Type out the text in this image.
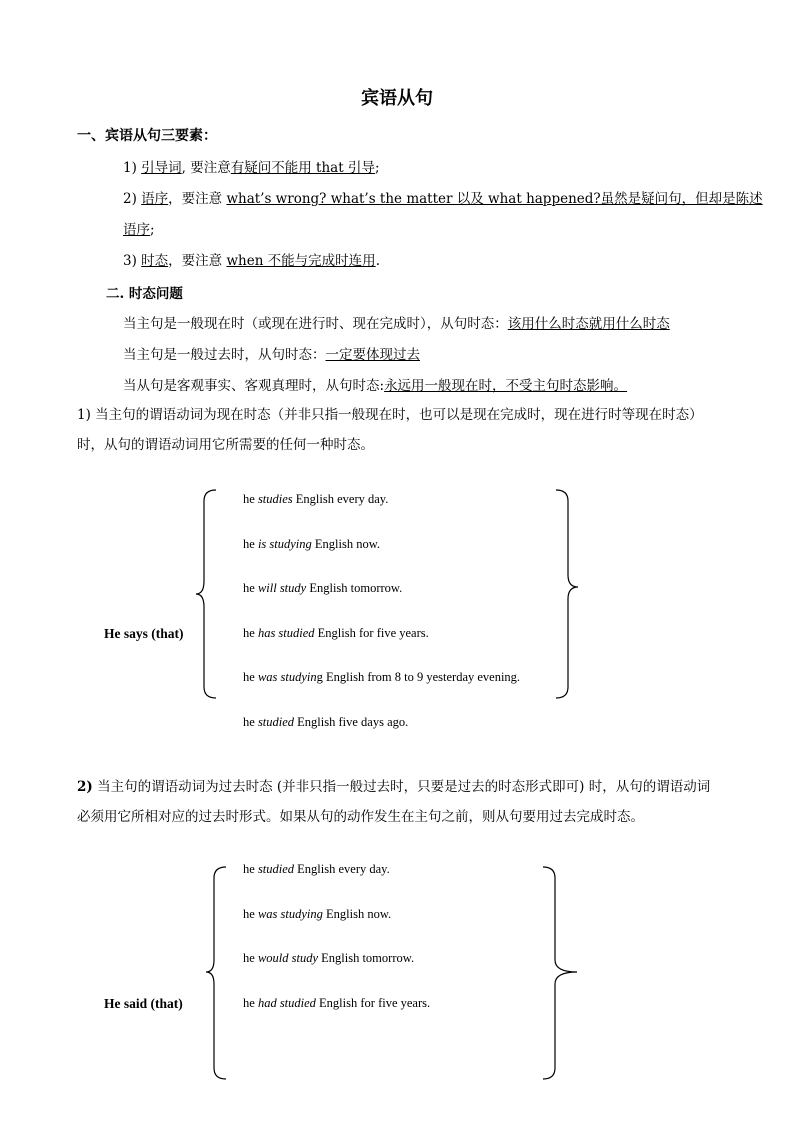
宾语从句
一、宾语从句三要素：
1) 引导词, 要注意有疑问不能用 that 引导;
2) 语序，要注意 what’s wrong? what’s the matter 以及 what happened?虽然是疑问句，但却是陈述
语序;
3) 时态，要注意 when 不能与完成时连用.
二. 时态问题
当主句是一般现在时（或现在进行时、现在完成时），从句时态：该用什么时态就用什么时态
当主句是一般过去时，从句时态：一定要体现过去
当从句是客观事实、客观真理时，从句时态:永远用一般现在时，不受主句时态影响。
1) 当主句的谓语动词为现在时态（并非只指一般现在时，也可以是现在完成时，现在进行时等现在时态）时，从句的谓语动词用它所需要的任何一种时态。
He says (that)
he studies English every day.
he is studying English now.
he will study English tomorrow.
he has studied English for five years.
he was studying English from 8 to 9 yesterday evening.
he studied English five days ago.
2) 当主句的谓语动词为过去时态 (并非只指一般过去时，只要是过去的时态形式即可) 时，从句的谓语动词必须用它所相对应的过去时形式。如果从句的动作发生在主句之前，则从句要用过去完成时态。
He said (that)
he studied English every day.
he was studying English now.
he would study English tomorrow.
he had studied English for five years.
